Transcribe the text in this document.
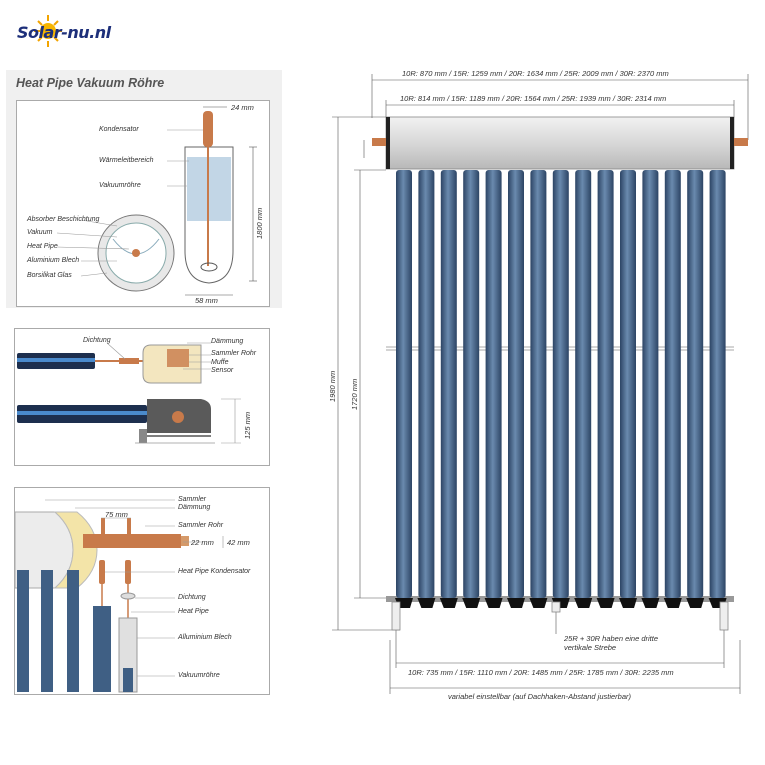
Solar-nu.nl
Heat Pipe Vakuum Röhre
Kondensator
Wärmeleitbereich
Vakuumröhre
Absorber Beschichtung
Vakuum
Heat Pipe
Aluminium Blech
Borsilikat Glas
24 mm
1800 mm
58 mm
Dichtung	Dämmung
Sammler Rohr
Muffe
Sensor
125 mm
Sammler
Dämmung
Sammler Rohr
Heat Pipe Kondensator
Dichtung
Heat Pipe
Alluminium Blech
Vakuumröhre
75 mm
22 mm 42 mm
10R: 870 mm / 15R: 1259 mm / 20R: 1634 mm / 25R: 2009 mm / 30R: 2370 mm
10R: 814 mm / 15R: 1189 mm / 20R: 1564 mm / 25R: 1939 mm / 30R: 2314 mm
1980 mm 1720 mm
25R + 30R haben eine dritte
vertikale Strebe
10R: 735 mm / 15R: 1110 mm / 20R: 1485 mm / 25R: 1785 mm / 30R: 2235 mm
variabel einstellbar (auf Dachhaken-Abstand justierbar)
